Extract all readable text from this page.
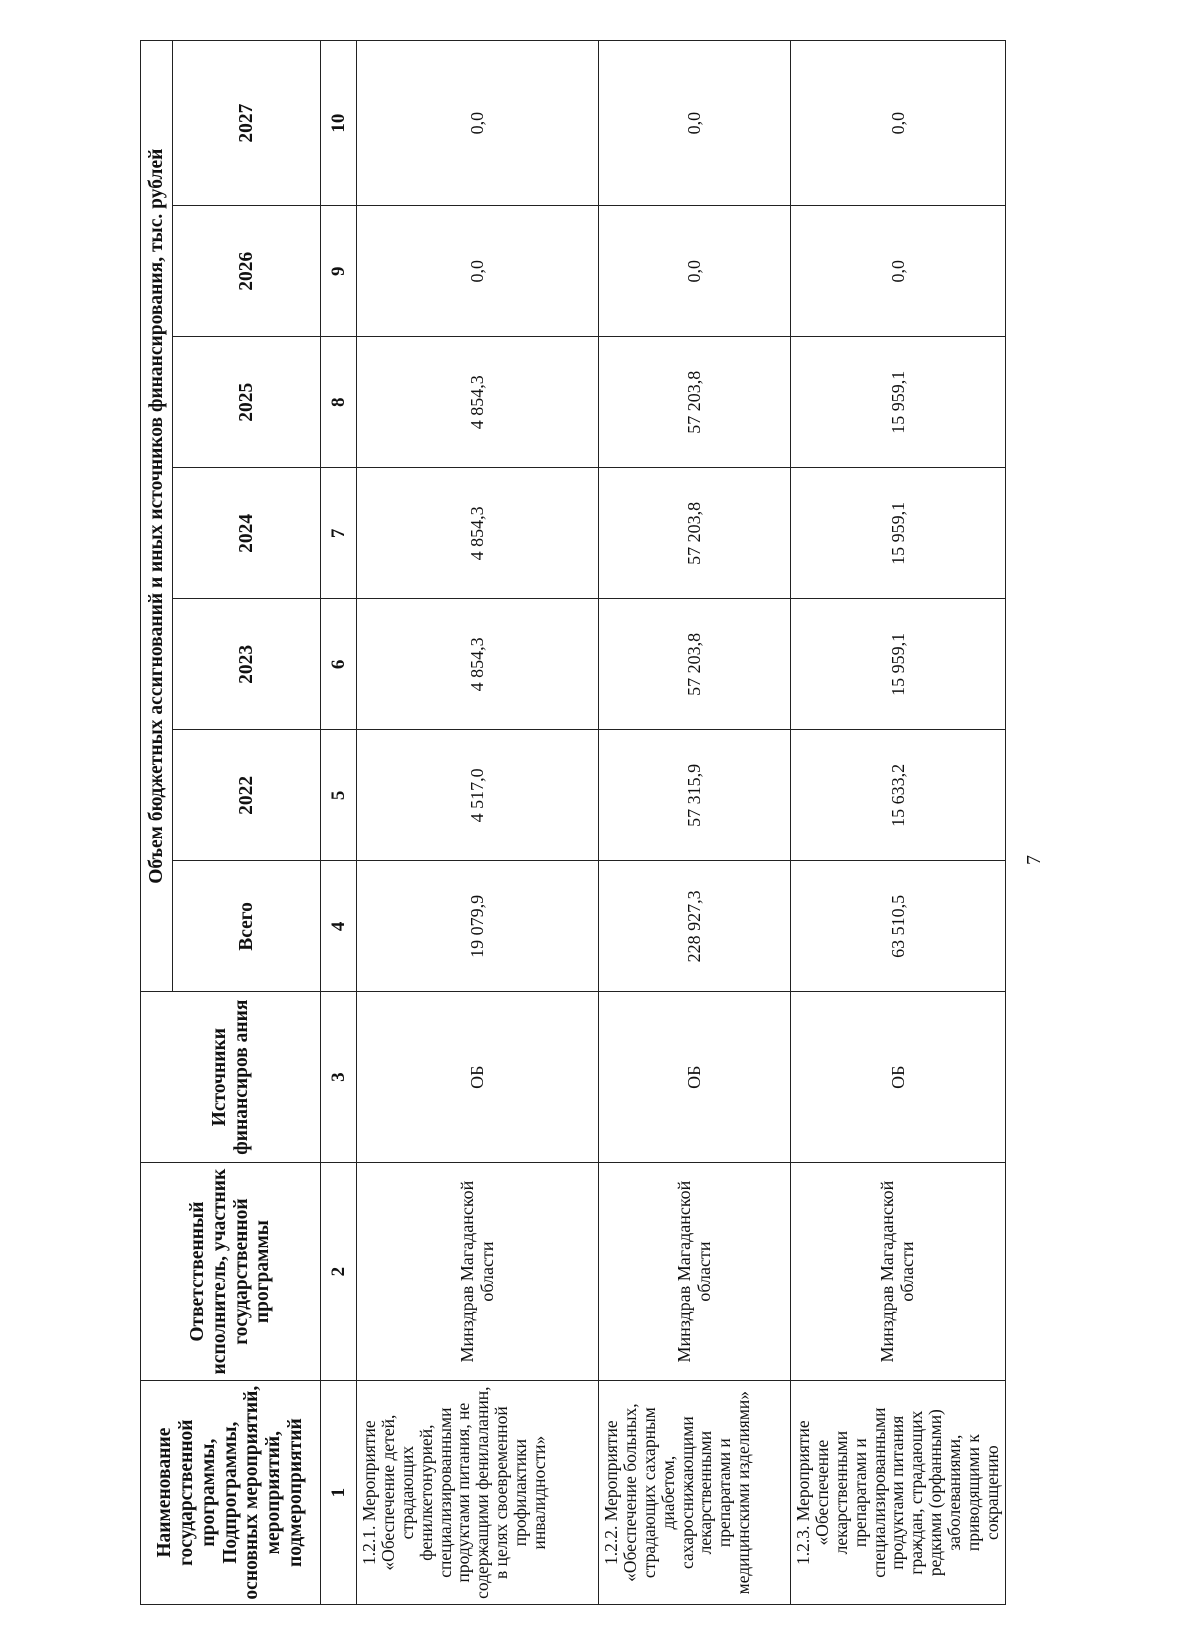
7
Наименование государственной программы, Подпрограммы, основных мероприятий, мероприятий, подмероприятий	Ответственный исполнитель, участник государственной программы	Источники финансиров ания	Объем бюджетных ассигнований и иных источников финансирования, тыс. рублей						
			Всего	2022	2023	2024	2025	2026	2027
1	2	3	4	5	6	7	8	9	10
1.2.1. Мероприятие «Обеспечение детей, страдающих фенилкетонурией, специализированными продуктами питания, не содержащими фенилаланин, в целях своевременной профилактики инвалидности»	Минздрав Магаданской области	ОБ	19 079,9	4 517,0	4 854,3	4 854,3	4 854,3	0,0	0,0
1.2.2. Мероприятие «Обеспечение больных, страдающих сахарным диабетом, сахароснижающими лекарственными препаратами и медицинскими изделиями»	Минздрав Магаданской области	ОБ	228 927,3	57 315,9	57 203,8	57 203,8	57 203,8	0,0	0,0
1.2.3. Мероприятие «Обеспечение лекарственными препаратами и специализированными продуктами питания граждан, страдающих редкими (орфанными) заболеваниями, приводящими к сокращению	Минздрав Магаданской области	ОБ	63 510,5	15 633,2	15 959,1	15 959,1	15 959,1	0,0	0,0
